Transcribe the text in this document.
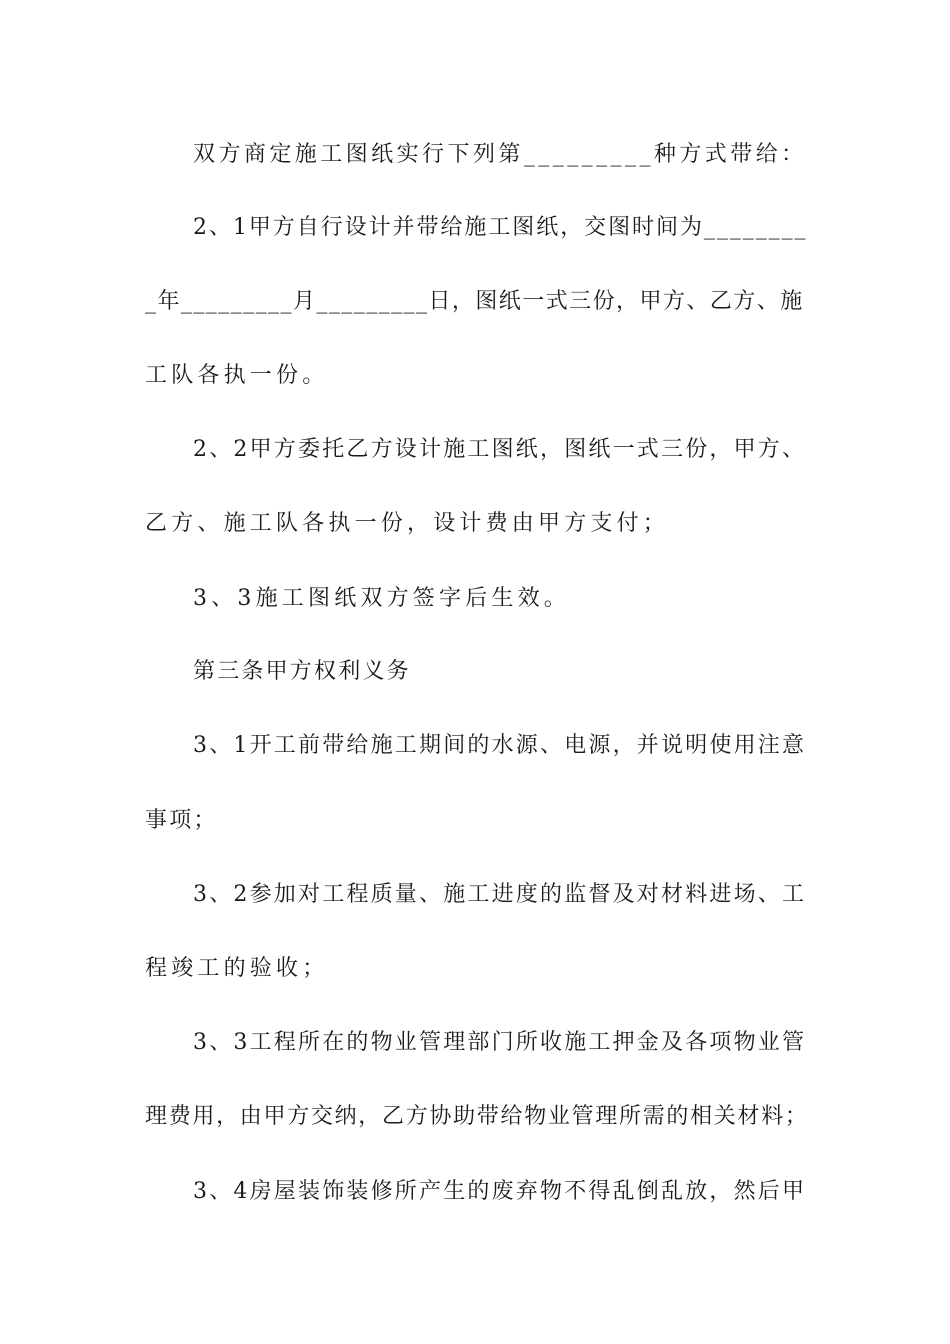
双方商定施工图纸实行下列第_________种方式带给：
2、1甲方自行设计并带给施工图纸，交图时间为________
_年_________月_________日，图纸一式三份，甲方、乙方、施
工队各执一份。
2、2甲方委托乙方设计施工图纸，图纸一式三份，甲方、
乙方、施工队各执一份，设计费由甲方支付；
3、3施工图纸双方签字后生效。
第三条甲方权利义务
3、1开工前带给施工期间的水源、电源，并说明使用注意
事项；
3、2参加对工程质量、施工进度的监督及对材料进场、工
程竣工的验收；
3、3工程所在的物业管理部门所收施工押金及各项物业管
理费用，由甲方交纳，乙方协助带给物业管理所需的相关材料；
3、4房屋装饰装修所产生的废弃物不得乱倒乱放，然后甲
